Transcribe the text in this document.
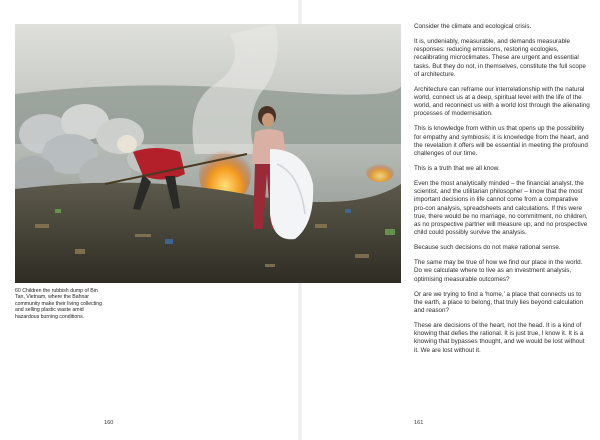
60 Children the rubbish dump of Bin Tan, Vietnam, where the Bahnar community make their living collecting and selling plastic waste amid hazardous burning conditions.
160	161

Consider the climate and ecological crisis.

It is, undeniably, measurable, and demands measurable responses: reducing emissions, restoring ecologies, recalibrating microclimates. These are urgent and essential tasks. But they do not, in themselves, constitute the full scope of architecture.

Architecture can reframe our interrelationship with the natural world, connect us at a deep, spiritual level with the life of the world, and reconnect us with a world lost through the alienating processes of modernisation.

This is knowledge from within us that opens up the possibility for empathy and symbiosis; it is knowledge from the heart, and the revelation it offers will be essential in meeting the profound challenges of our time.

This is a truth that we all know.

Even the most analytically minded – the financial analyst, the scientist, and the utilitarian philosopher – know that the most important decisions in life cannot come from a comparative pro-con analysis, spreadsheets and calculations. If this were true, there would be no marriage, no commitment, no children, as no prospective partner will measure up, and no prospective child could possibly survive the analysis.

Because such decisions do not make rational sense.

The same may be true of how we find our place in the world. Do we calculate where to live as an investment analysis, optimising measurable outcomes?

Or are we trying to find a ‘home,’ a place that connects us to the earth, a place to belong, that truly lies beyond calculation and reason?

These are decisions of the heart, not the head. It is a kind of knowing that defies the rational. It is just true, I know it. It is a knowing that bypasses thought, and we would be lost without it. We are lost without it.
